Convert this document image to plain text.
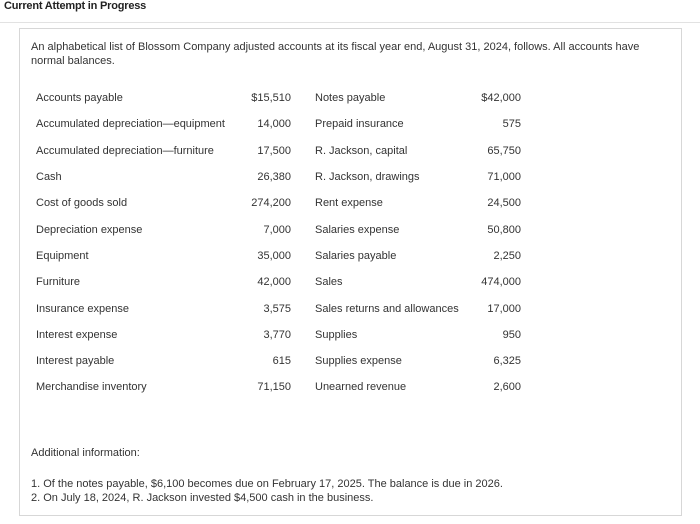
Current Attempt in Progress
An alphabetical list of Blossom Company adjusted accounts at its fiscal year end, August 31, 2024, follows. All accounts have normal balances.
Accounts payable	$15,510 Notes payable	$42,000
Accumulated depreciation—equipment	14,000 Prepaid insurance	575
Accumulated depreciation—furniture	17,500 R. Jackson, capital	65,750
Cash	26,380 R. Jackson, drawings	71,000
Cost of goods sold	274,200 Rent expense	24,500
Depreciation expense	7,000 Salaries expense	50,800
Equipment	35,000 Salaries payable	2,250
Furniture	42,000 Sales	474,000
Insurance expense	3,575 Sales returns and allowances	17,000
Interest expense	3,770 Supplies	950
Interest payable	615 Supplies expense	6,325
Merchandise inventory	71,150 Unearned revenue	2,600
Additional information:
1. Of the notes payable, $6,100 becomes due on February 17, 2025. The balance is due in 2026.
2. On July 18, 2024, R. Jackson invested $4,500 cash in the business.
